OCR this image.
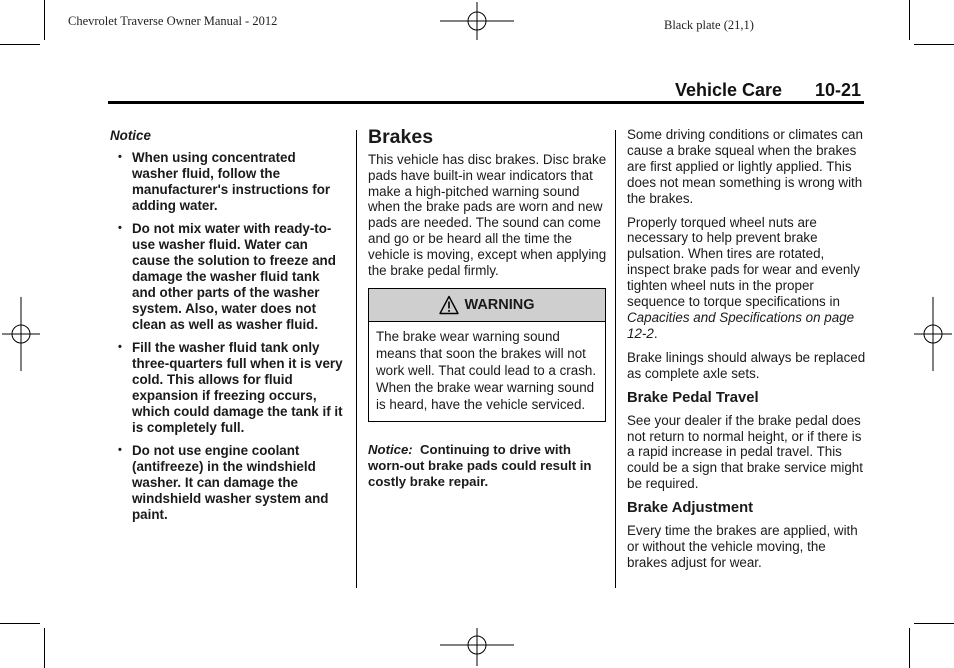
Chevrolet Traverse Owner Manual - 2012	Black plate (21,1)
Vehicle Care 10-21
Notice
• When using concentrated washer fluid, follow the manufacturer's instructions for adding water.
• Do not mix water with ready-to-use washer fluid. Water can cause the solution to freeze and damage the washer fluid tank and other parts of the washer system. Also, water does not clean as well as washer fluid.
• Fill the washer fluid tank only three-quarters full when it is very cold. This allows for fluid expansion if freezing occurs, which could damage the tank if it is completely full.
• Do not use engine coolant (antifreeze) in the windshield washer. It can damage the windshield washer system and paint.
Brakes

This vehicle has disc brakes. Disc brake pads have built-in wear indicators that make a high-pitched warning sound when the brake pads are worn and new pads are needed. The sound can come and go or be heard all the time the vehicle is moving, except when applying the brake pedal firmly.

WARNING
The brake wear warning sound means that soon the brakes will not work well. That could lead to a crash. When the brake wear warning sound is heard, have the vehicle serviced.
Notice: Continuing to drive with worn-out brake pads could result in costly brake repair.

Some driving conditions or climates can cause a brake squeal when the brakes are first applied or lightly applied. This does not mean something is wrong with the brakes.

Properly torqued wheel nuts are necessary to help prevent brake pulsation. When tires are rotated, inspect brake pads for wear and evenly tighten wheel nuts in the proper sequence to torque specifications in Capacities and Specifications on page 12-2.

Brake linings should always be replaced as complete axle sets.

Brake Pedal Travel

See your dealer if the brake pedal does not return to normal height, or if there is a rapid increase in pedal travel. This could be a sign that brake service might be required.

Brake Adjustment

Every time the brakes are applied, with or without the vehicle moving, the brakes adjust for wear.
